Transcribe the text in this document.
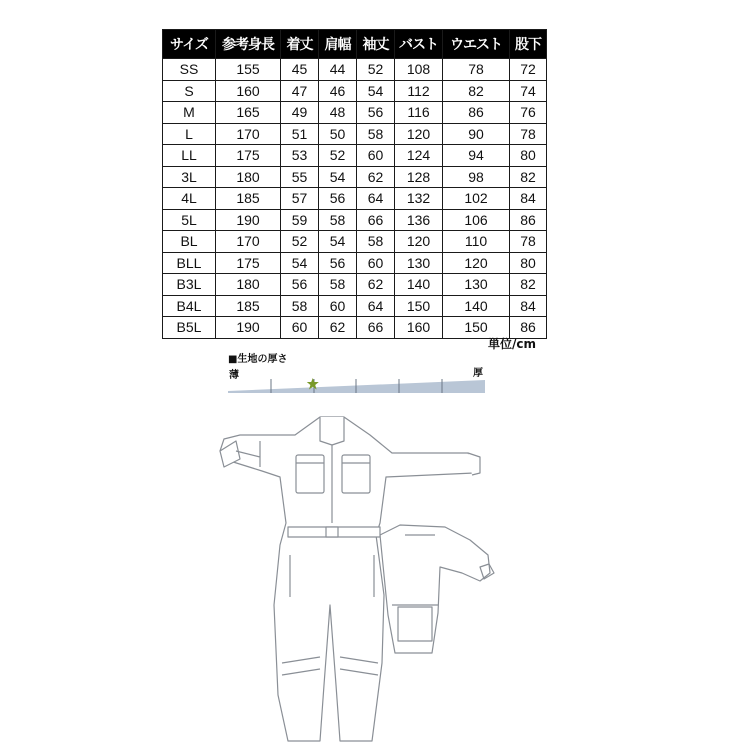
サイズ	参考身長	着丈	肩幅	袖丈	バスト	ウエスト	股下
SS	155	45	44	52	108	78	72
S	160	47	46	54	112	82	74
M	165	49	48	56	116	86	76
L	170	51	50	58	120	90	78
LL	175	53	52	60	124	94	80
3L	180	55	54	62	128	98	82
4L	185	57	56	64	132	102	84
5L	190	59	58	66	136	106	86
BL	170	52	54	58	120	110	78
BLL	175	54	56	60	130	120	80
B3L	180	56	58	62	140	130	82
B4L	185	58	60	64	150	140	84
B5L	190	60	62	66	160	150	86
単位/cm
■生地の厚さ
薄	厚
